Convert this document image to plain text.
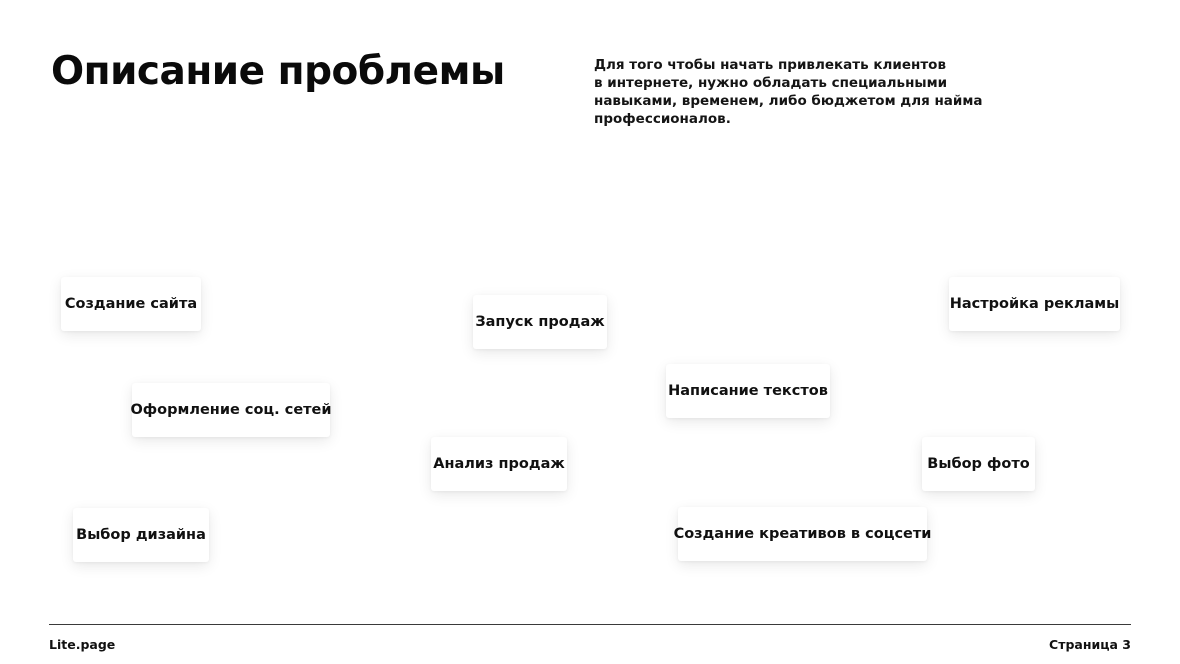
Описание проблемы	Для того чтобы начать привлекать клиентов
в интернете, нужно обладать специальными
навыками, временем, либо бюджетом для найма
профессионалов.

Создание сайта
Запуск продаж
Настройка рекламы
Написание текстов
Оформление соц. сетей
Анализ продаж	Выбор фото
Выбор дизайна	Создание креативов в соцсети
Lite.page	Страница 3
